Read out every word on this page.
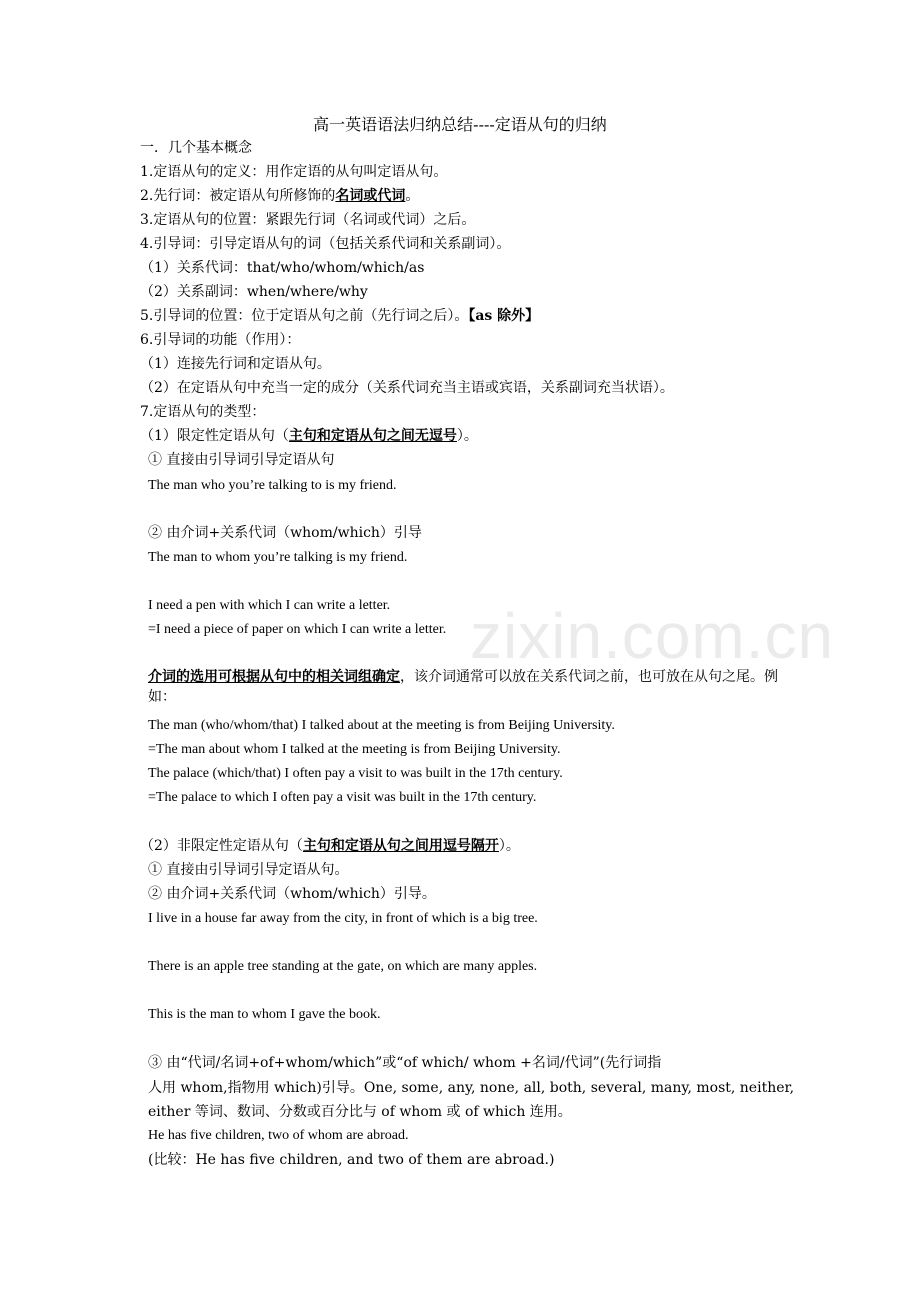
zixin.com.cn
高一英语语法归纳总结----定语从句的归纳
一．几个基本概念
1.定语从句的定义：用作定语的从句叫定语从句。
2.先行词：被定语从句所修饰的名词或代词。
3.定语从句的位置：紧跟先行词（名词或代词）之后。
4.引导词：引导定语从句的词（包括关系代词和关系副词）。
（1）关系代词：that/who/whom/which/as
（2）关系副词：when/where/why
5.引导词的位置：位于定语从句之前（先行词之后）。【as 除外】
6.引导词的功能（作用）：
（1）连接先行词和定语从句。
（2）在定语从句中充当一定的成分（关系代词充当主语或宾语，关系副词充当状语）。
7.定语从句的类型：
（1）限定性定语从句（主句和定语从句之间无逗号）。
① 直接由引导词引导定语从句
The man who you’re talking to is my friend.
② 由介词+关系代词（whom/which）引导
The man to whom you’re talking is my friend.
I need a pen with which I can write a letter.
=I need a piece of paper on which I can write a letter.
介词的选用可根据从句中的相关词组确定，该介词通常可以放在关系代词之前，也可放在从句之尾。例如：
The man (who/whom/that) I talked about at the meeting is from Beijing University.
=The man about whom I talked at the meeting is from Beijing University.
The palace (which/that) I often pay a visit to was built in the 17th century.
=The palace to which I often pay a visit was built in the 17th century.
（2）非限定性定语从句（主句和定语从句之间用逗号隔开）。
① 直接由引导词引导定语从句。
② 由介词+关系代词（whom/which）引导。
I live in a house far away from the city, in front of which is a big tree.
There is an apple tree standing at the gate, on which are many apples.
This is the man to whom I gave the book.
③ 由“代词/名词+of+whom/which”或“of which/ whom +名词/代词”(先行词指
人用 whom,指物用 which)引导。One, some, any, none, all, both, several, many, most, neither,
either 等词、数词、分数或百分比与 of whom 或 of which 连用。
He has five children, two of whom are abroad.
(比较：He has five children, and two of them are abroad.)
